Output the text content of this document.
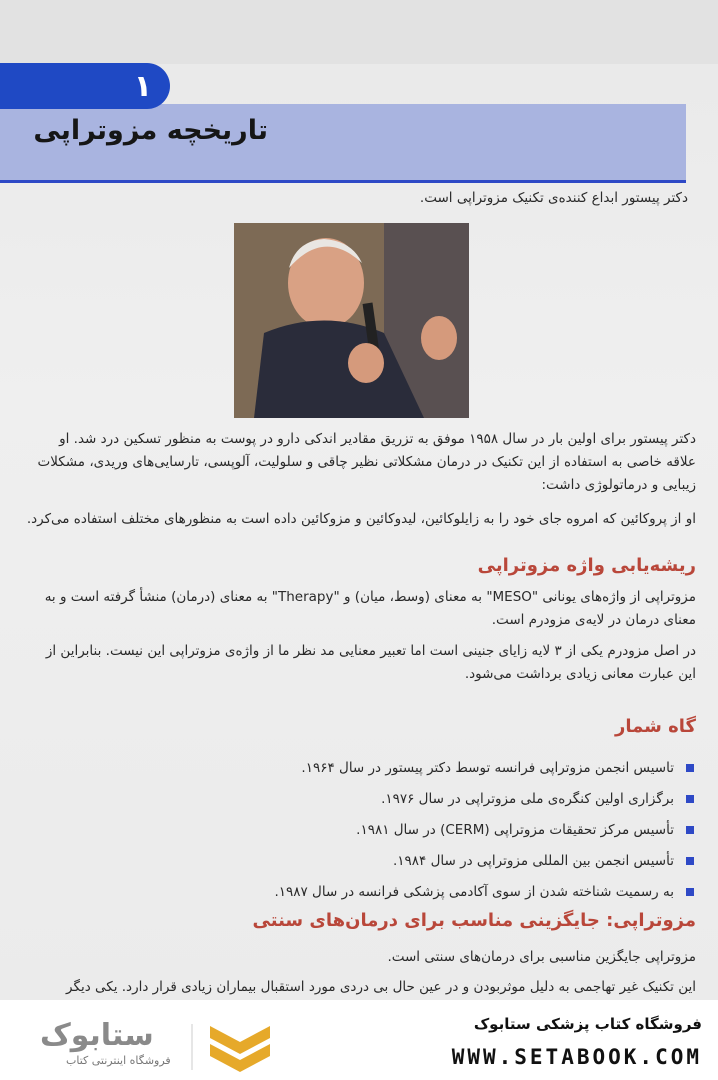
١
تاریخچه مزوتراپی
دکتر پیستور ابداع کننده‌ی تکنیک مزوتراپی است.
دکتر پیستور برای اولین بار در سال ۱۹۵۸ موفق به تزریق مقادیر اندکی دارو در پوست به منظور تسکین درد شد. او علاقه خاصی به استفاده از این تکنیک در درمان مشکلاتی نظیر چاقی و سلولیت، آلوپسی، تارسایی‌های وریدی، مشکلات زیبایی و درماتولوژی داشت:
او از پروکائین که امروه جای خود را به زایلوکائین، لیدوکائین و مزوکائین داده است به منظورهای مختلف استفاده می‌کرد.
ریشه‌یابی واژه مزوتراپی
مزوتراپی از واژه‌های یونانی "MESO" به معنای (وسط، میان) و "Therapy" به معنای (درمان) منشأ گرفته است و به معنای درمان در لایه‌ی مزودرم است.
در اصل مزودرم یکی از ۳ لایه زایای جنینی است اما تعبیر معنایی مد نظر ما از واژه‌ی مزوتراپی این نیست. بنابراین از این عبارت معانی زیادی برداشت می‌شود.
گاه شمار
تاسیس انجمن مزوتراپی فرانسه توسط دکتر پیستور در سال ۱۹۶۴.
برگزاری اولین کنگره‌ی ملی مزوتراپی در سال ۱۹۷۶.
تأسیس مرکز تحقیقات مزوتراپی (CERM) در سال ۱۹۸۱.
تأسیس انجمن بین المللی مزوتراپی در سال ۱۹۸۴.
به رسمیت شناخته شدن از سوی آکادمی پزشکی فرانسه در سال ۱۹۸۷.
مزوتراپی: جایگزینی مناسب برای درمان‌های سنتی
مزوتراپی جایگزین مناسبی برای درمان‌های سنتی است.
این تکنیک غیر تهاجمی به دلیل موثربودن و در عین حال بی دردی مورد استقبال بیماران زیادی قرار دارد. یکی دیگر
فروشگاه کتاب پزشکی ستابوک
WWW.SETABOOK.COM
ستابوک
فروشگاه اینترنتی کتاب
